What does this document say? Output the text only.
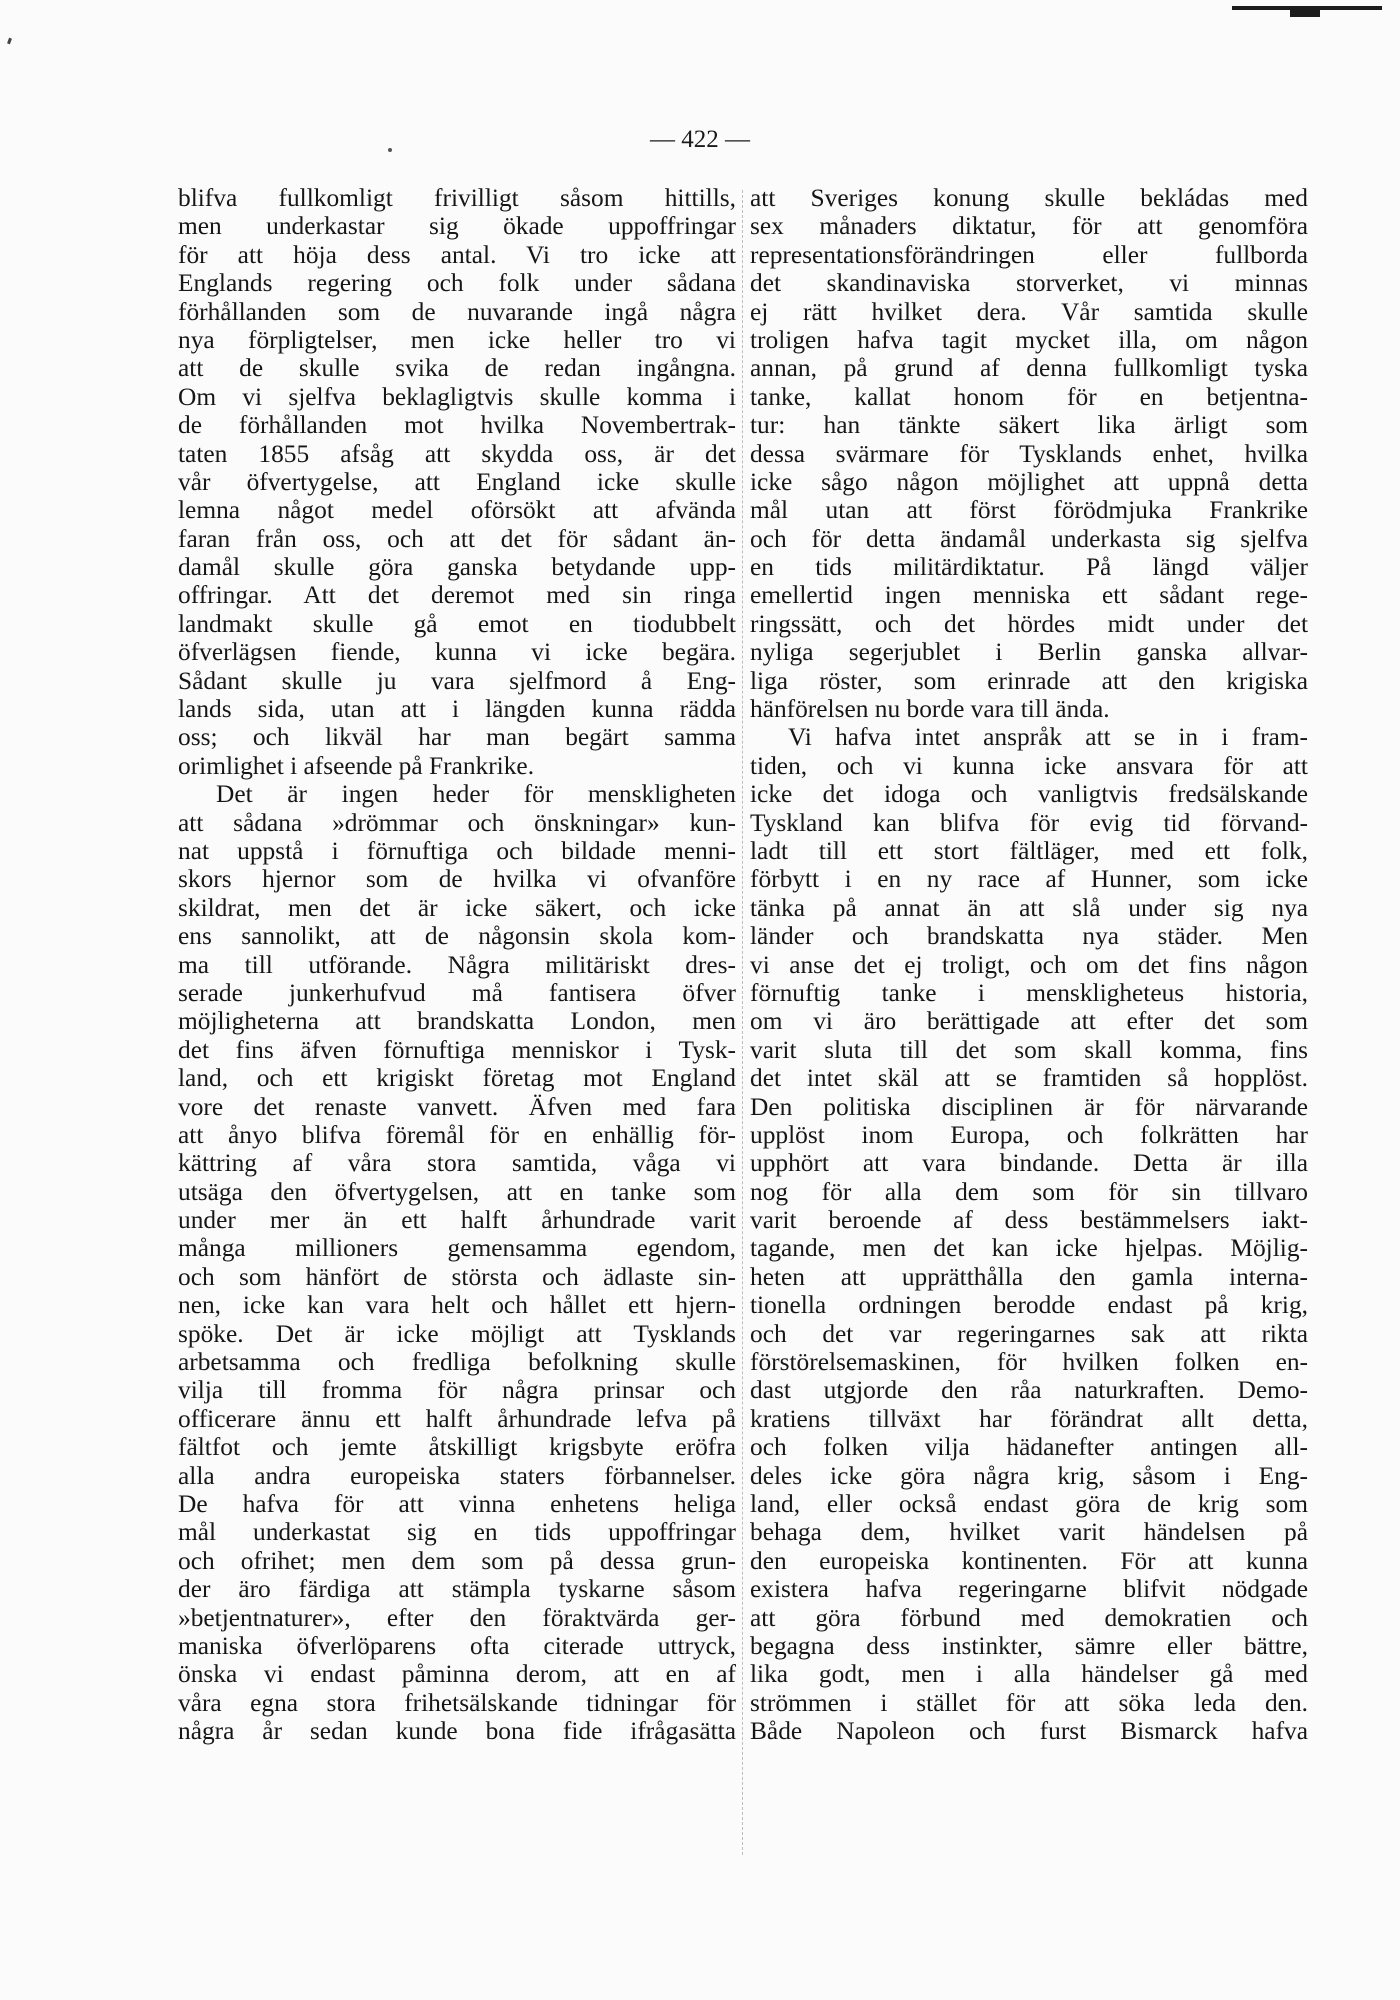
— 422 —
blifva fullkomligt frivilligt såsom hittills,
men underkastar sig ökade uppoffringar
för att höja dess antal. Vi tro icke att
Englands regering och folk under sådana
förhållanden som de nuvarande ingå några
nya förpligtelser, men icke heller tro vi
att de skulle svika de redan ingångna.
Om vi sjelfva beklagligtvis skulle komma i
de förhållanden mot hvilka Novembertrak-
taten 1855 afsåg att skydda oss, är det
vår öfvertygelse, att England icke skulle
lemna något medel oförsökt att afvända
faran från oss, och att det för sådant än-
damål skulle göra ganska betydande upp-
offringar. Att det deremot med sin ringa
landmakt skulle gå emot en tiodubbelt
öfverlägsen fiende, kunna vi icke begära.
Sådant skulle ju vara sjelfmord å Eng-
lands sida, utan att i längden kunna rädda
oss; och likväl har man begärt samma
orimlighet i afseende på Frankrike.
Det är ingen heder för menskligheten
att sådana »drömmar och önskningar» kun-
nat uppstå i förnuftiga och bildade menni-
skors hjernor som de hvilka vi ofvanföre
skildrat, men det är icke säkert, och icke
ens sannolikt, att de någonsin skola kom-
ma till utförande. Några militäriskt dres-
serade junkerhufvud må fantisera öfver
möjligheterna att brandskatta London, men
det fins äfven förnuftiga menniskor i Tysk-
land, och ett krigiskt företag mot England
vore det renaste vanvett. Äfven med fara
att ånyo blifva föremål för en enhällig för-
kättring af våra stora samtida, våga vi
utsäga den öfvertygelsen, att en tanke som
under mer än ett halft århundrade varit
många millioners gemensamma egendom,
och som hänfört de största och ädlaste sin-
nen, icke kan vara helt och hållet ett hjern-
spöke. Det är icke möjligt att Tysklands
arbetsamma och fredliga befolkning skulle
vilja till fromma för några prinsar och
officerare ännu ett halft århundrade lefva på
fältfot och jemte åtskilligt krigsbyte eröfra
alla andra europeiska staters förbannelser.
De hafva för att vinna enhetens heliga
mål underkastat sig en tids uppoffringar
och ofrihet; men dem som på dessa grun-
der äro färdiga att stämpla tyskarne såsom
»betjentnaturer», efter den föraktvärda ger-
maniska öfverlöparens ofta citerade uttryck,
önska vi endast påminna derom, att en af
våra egna stora frihetsälskande tidningar för
några år sedan kunde bona fide ifrågasätta
att Sveriges konung skulle bekládas med
sex månaders diktatur, för att genomföra
representationsförändringen eller fullborda
det skandinaviska storverket, vi minnas
ej rätt hvilket dera. Vår samtida skulle
troligen hafva tagit mycket illa, om någon
annan, på grund af denna fullkomligt tyska
tanke, kallat honom för en betjentna-
tur: han tänkte säkert lika ärligt som
dessa svärmare för Tysklands enhet, hvilka
icke sågo någon möjlighet att uppnå detta
mål utan att först förödmjuka Frankrike
och för detta ändamål underkasta sig sjelfva
en tids militärdiktatur. På längd väljer
emellertid ingen menniska ett sådant rege-
ringssätt, och det hördes midt under det
nyliga segerjublet i Berlin ganska allvar-
liga röster, som erinrade att den krigiska
hänförelsen nu borde vara till ända.
Vi hafva intet anspråk att se in i fram-
tiden, och vi kunna icke ansvara för att
icke det idoga och vanligtvis fredsälskande
Tyskland kan blifva för evig tid förvand-
ladt till ett stort fältläger, med ett folk,
förbytt i en ny race af Hunner, som icke
tänka på annat än att slå under sig nya
länder och brandskatta nya städer. Men
vi anse det ej troligt, och om det fins någon
förnuftig tanke i menskligheteus historia,
om vi äro berättigade att efter det som
varit sluta till det som skall komma, fins
det intet skäl att se framtiden så hopplöst.
Den politiska disciplinen är för närvarande
upplöst inom Europa, och folkrätten har
upphört att vara bindande. Detta är illa
nog för alla dem som för sin tillvaro
varit beroende af dess bestämmelsers iakt-
tagande, men det kan icke hjelpas. Möjlig-
heten att upprätthålla den gamla interna-
tionella ordningen berodde endast på krig,
och det var regeringarnes sak att rikta
förstörelsemaskinen, för hvilken folken en-
dast utgjorde den råa naturkraften. Demo-
kratiens tillväxt har förändrat allt detta,
och folken vilja hädanefter antingen all-
deles icke göra några krig, såsom i Eng-
land, eller också endast göra de krig som
behaga dem, hvilket varit händelsen på
den europeiska kontinenten. För att kunna
existera hafva regeringarne blifvit nödgade
att göra förbund med demokratien och
begagna dess instinkter, sämre eller bättre,
lika godt, men i alla händelser gå med
strömmen i stället för att söka leda den.
Både Napoleon och furst Bismarck hafva
